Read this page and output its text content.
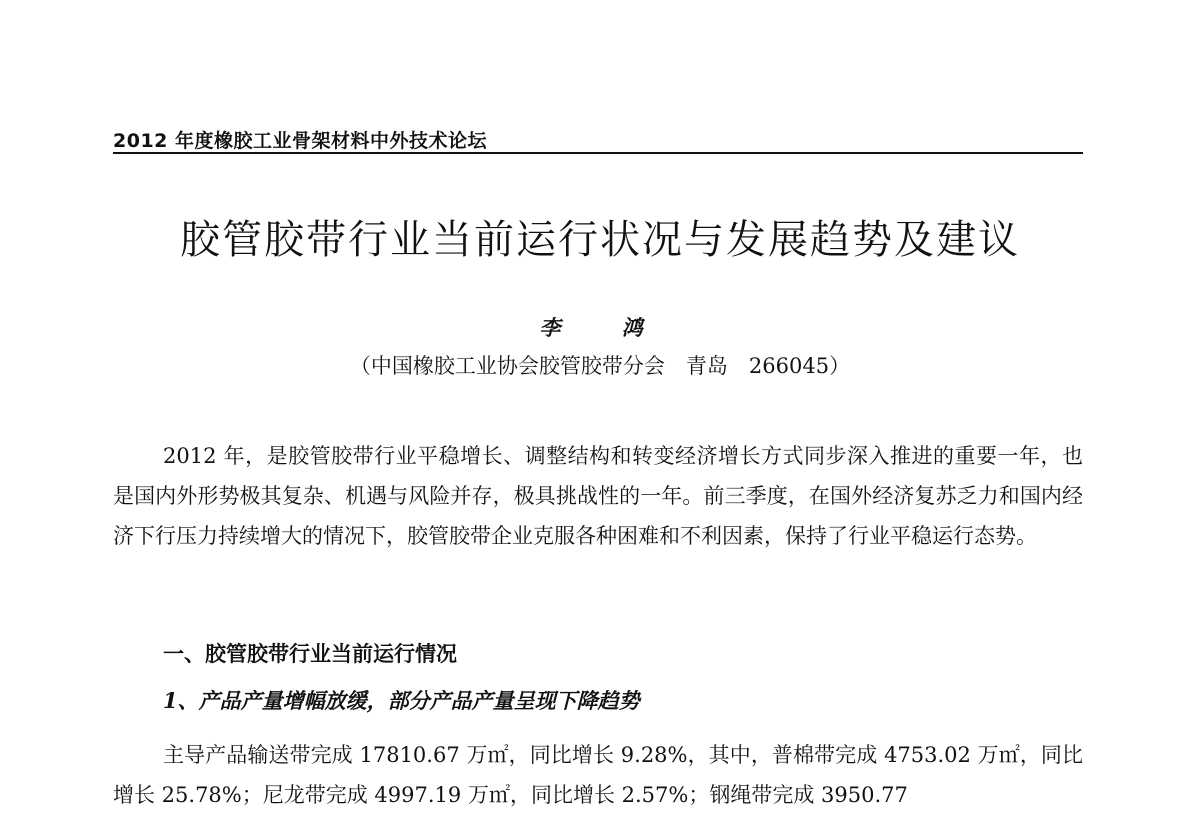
2012 年度橡胶工业骨架材料中外技术论坛
胶管胶带行业当前运行状况与发展趋势及建议
李 鸿
（中国橡胶工业协会胶管胶带分会　青岛　266045）
2012 年，是胶管胶带行业平稳增长、调整结构和转变经济增长方式同步深入推进的重要一年，也是国内外形势极其复杂、机遇与风险并存，极具挑战性的一年。前三季度，在国外经济复苏乏力和国内经济下行压力持续增大的情况下，胶管胶带企业克服各种困难和不利因素，保持了行业平稳运行态势。
一、胶管胶带行业当前运行情况
1、产品产量增幅放缓，部分产品产量呈现下降趋势
主导产品输送带完成 17810.67 万㎡，同比增长 9.28%，其中，普棉带完成 4753.02 万㎡，同比增长 25.78%；尼龙带完成 4997.19 万㎡，同比增长 2.57%；钢绳带完成 3950.77
